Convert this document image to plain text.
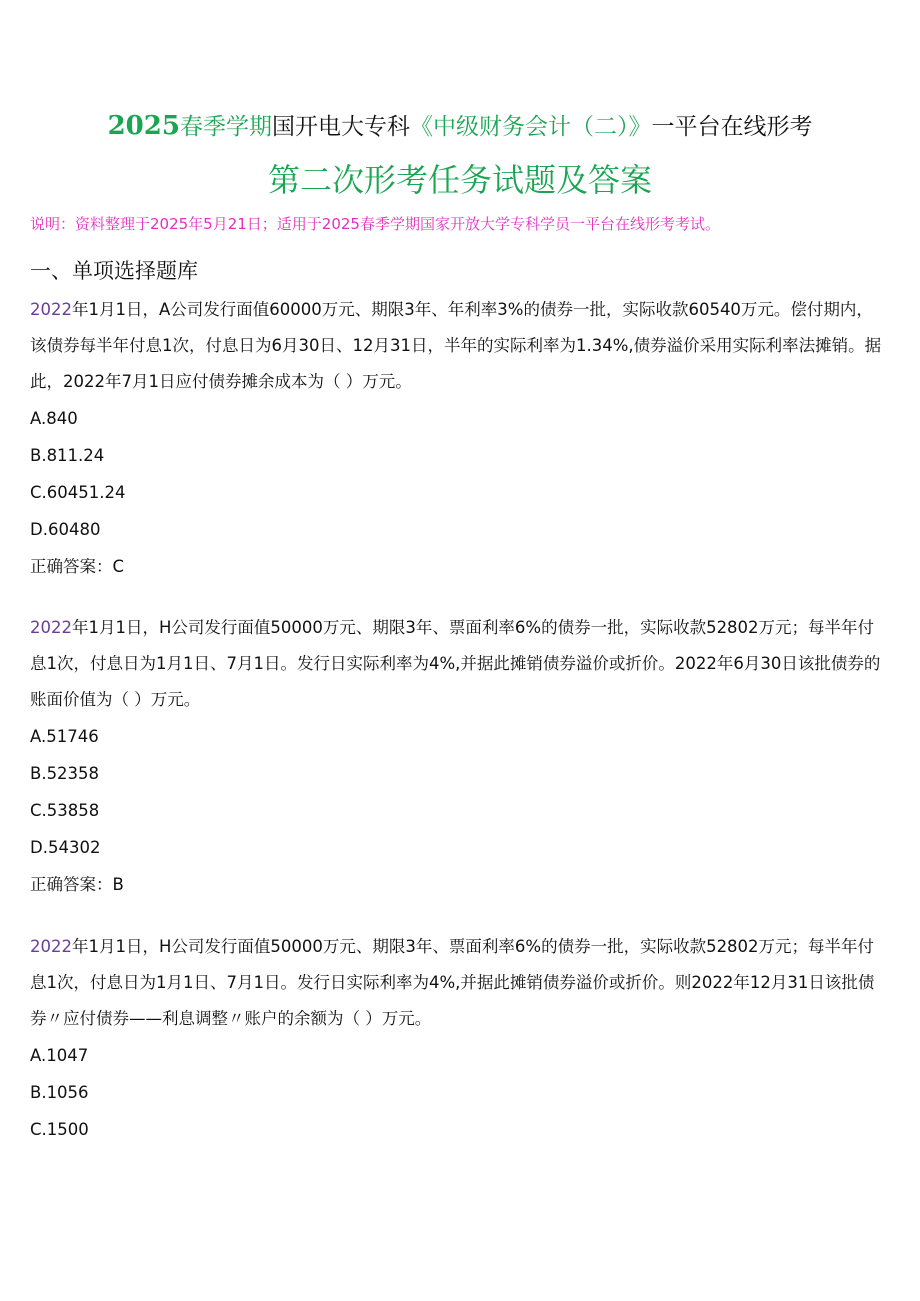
2025春季学期国开电大专科《中级财务会计（二）》一平台在线形考
第二次形考任务试题及答案
说明：资料整理于2025年5月21日；适用于2025春季学期国家开放大学专科学员一平台在线形考考试。
一、单项选择题库

2022年1月1日，A公司发行面值60000万元、期限3年、年利率3%的债券一批，实际收款60540万元。偿付期内，该债券每半年付息1次，付息日为6月30日、12月31日，半年的实际利率为1.34%,债券溢价采用实际利率法摊销。据此，2022年7月1日应付债券摊余成本为（ ）万元。

A.840

B.811.24

C.60451.24

D.60480

正确答案：C

2022年1月1日，H公司发行面值50000万元、期限3年、票面利率6%的债券一批，实际收款52802万元；每半年付息1次，付息日为1月1日、7月1日。发行日实际利率为4%,并据此摊销债券溢价或折价。2022年6月30日该批债券的账面价值为（ ）万元。

A.51746

B.52358

C.53858

D.54302

正确答案：B

2022年1月1日，H公司发行面值50000万元、期限3年、票面利率6%的债券一批，实际收款52802万元；每半年付息1次，付息日为1月1日、7月1日。发行日实际利率为4%,并据此摊销债券溢价或折价。则2022年12月31日该批债券〃应付债券——利息调整〃账户的余额为（ ）万元。

A.1047

B.1056

C.1500
